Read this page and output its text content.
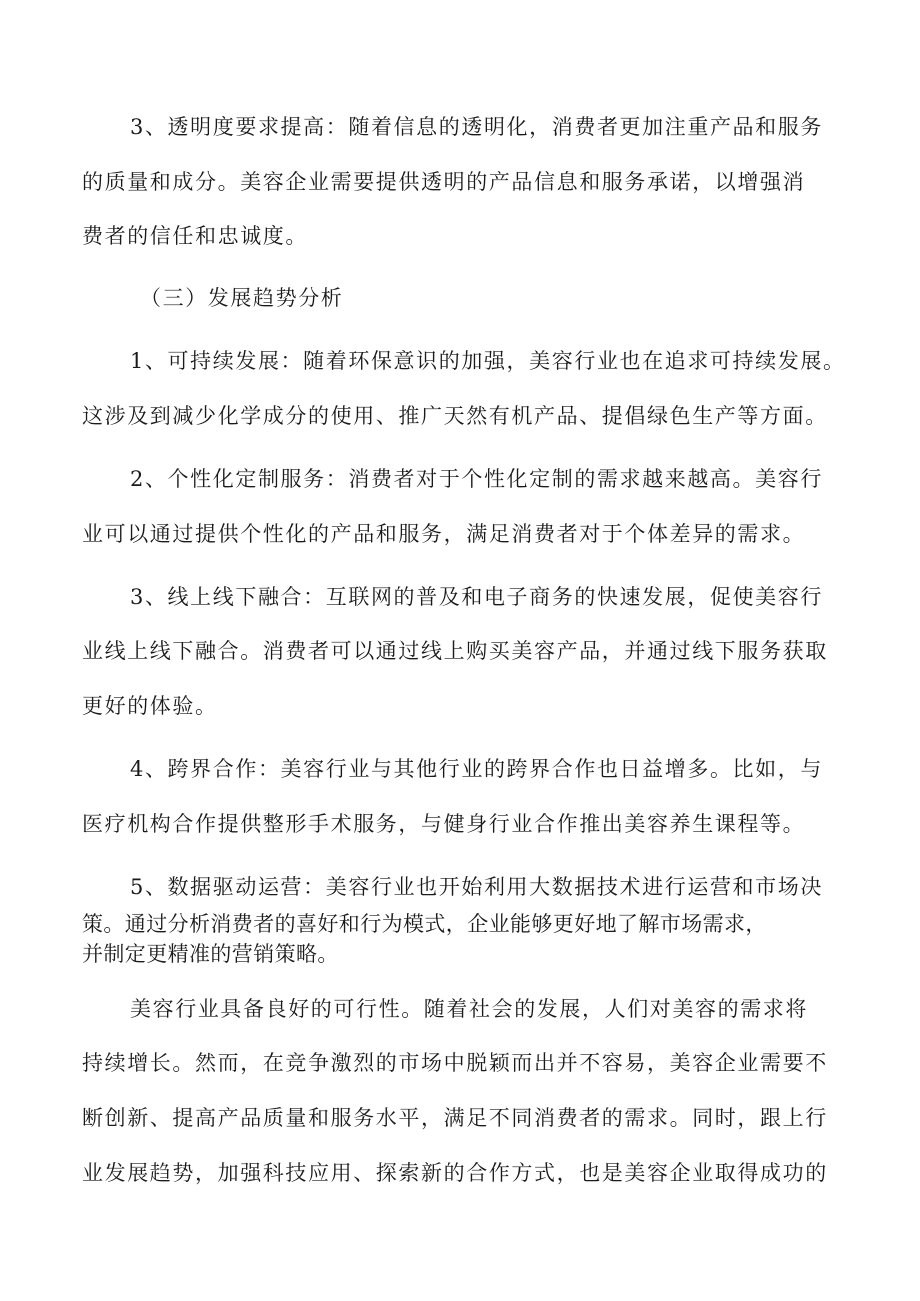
3、透明度要求提高：随着信息的透明化，消费者更加注重产品和服务
的质量和成分。美容企业需要提供透明的产品信息和服务承诺，以增强消
费者的信任和忠诚度。
（三）发展趋势分析
1、可持续发展：随着环保意识的加强，美容行业也在追求可持续发展。
这涉及到减少化学成分的使用、推广天然有机产品、提倡绿色生产等方面。
2、个性化定制服务：消费者对于个性化定制的需求越来越高。美容行
业可以通过提供个性化的产品和服务，满足消费者对于个体差异的需求。
3、线上线下融合：互联网的普及和电子商务的快速发展，促使美容行
业线上线下融合。消费者可以通过线上购买美容产品，并通过线下服务获取
更好的体验。
4、跨界合作：美容行业与其他行业的跨界合作也日益增多。比如，与
医疗机构合作提供整形手术服务，与健身行业合作推出美容养生课程等。
5、数据驱动运营：美容行业也开始利用大数据技术进行运营和市场决
策。通过分析消费者的喜好和行为模式，企业能够更好地了解市场需求，
并制定更精准的营销策略。
美容行业具备良好的可行性。随着社会的发展，人们对美容的需求将
持续增长。然而，在竞争激烈的市场中脱颖而出并不容易，美容企业需要不
断创新、提高产品质量和服务水平，满足不同消费者的需求。同时，跟上行
业发展趋势，加强科技应用、探索新的合作方式，也是美容企业取得成功的
